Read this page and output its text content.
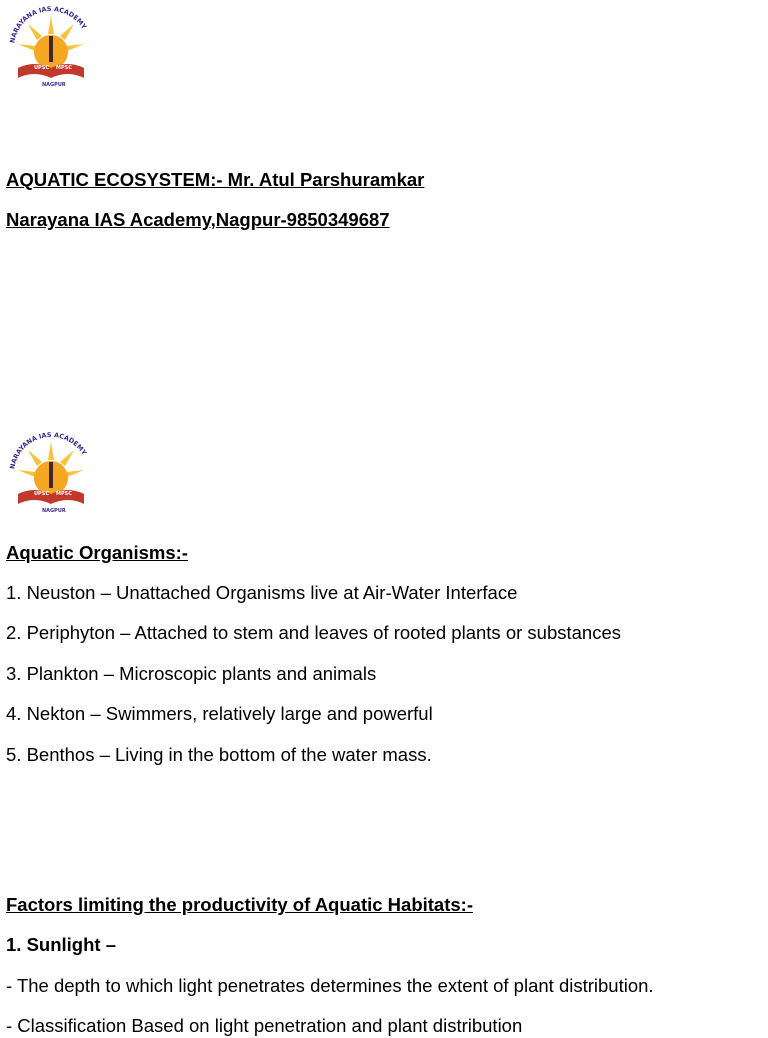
NARAYANA IAS ACADEMY
UPSC MPSC
NAGPUR
AQUATIC ECOSYSTEM:- Mr. Atul Parshuramkar
Narayana IAS Academy,Nagpur-9850349687
NARAYANA IAS ACADEMY
UPSC MPSC
NAGPUR
Aquatic Organisms:-
1. Neuston – Unattached Organisms live at Air-Water Interface
2. Periphyton – Attached to stem and leaves of rooted plants or substances
3. Plankton – Microscopic plants and animals
4. Nekton – Swimmers, relatively large and powerful
5. Benthos – Living in the bottom of the water mass.
Factors limiting the productivity of Aquatic Habitats:-
1. Sunlight –
- The depth to which light penetrates determines the extent of plant distribution.
- Classification Based on light penetration and plant distribution
